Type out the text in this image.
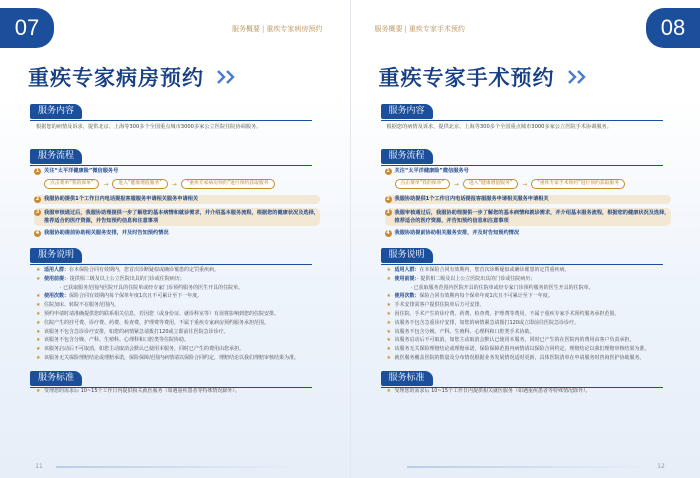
07	服务概要 | 重疾专家病房预约
重疾专家病房预约
服务内容
根据您的病情及诉求，提供北京、上海等300多个全国重点城市3000多家公立医院住院协调服务。
服务流程
1 关注“太平洋健康险”微信服务号
点击菜单“我的保单”	→	进入“健康增值服务”	→	“重疾专家病房预约”进行预约获取服务
2 我服协助提供1个工作日内电话提报客服服务申请相关服务申请相关
3 我服审核通过后，我服协助理提供一步了解您的基本病情和就诊需求，并介绍基本服务流程，根据您的健康状况及选择，推荐适合的医疗资源，并告知预约信息和注意事项
4 我服协助提前协助相关服务安排，并及时告知预约情况
服务说明
★ 适用人群：在本保险合同有效期内，您首次诊断疑似或确诊罹患的定罚重疾病。
★ 使用前提：· 提供相二级及以上公立医院出具的门诊或住院病历；
· 已获取服务范围内医院开具的住院单或经专家门诊预约服务的医生开具的住院单。
★ 使用次数：保险合同有效期内每个保单年度1次且不可累计至下一年度。
★ 住院加床、转院不在服务范围内。
★ 预约申请时请准确提供您的联系相关信息，若因您（或身份证、就诊科室等）有误将影响到您的住院安排。
★ 住院产生的挂号费、诊疗费、药费、检查费、护理费等费用，不属于重疾专家病房预约服务承担范围。
★ 该服务不包含急诊诊疗安排，如您的病情紧急请拨打120或立即前往医院急诊诊疗。
★ 该服务不包含分娩、产科、生殖科、心理科和口腔类等住院协助。
★ 该服务启动后不可取消，如您主动取消会默认已使用本服务，同时已产生的费用由您承担。
★ 该服务无关保险理赔结论或理赔承诺，保险保障范围内病情请以保险合同约定，理赔结论以我们理赔审核结果为准。
服务标准
★ 受理您的需求后 10~15个工作日内提供相关就医服务（如遇重疾患者等特殊情况除外）。
11
08
服务概要 | 重疾专家手术预约
重疾专家手术预约
服务内容
根据您的病情及诉求，提供北京、上海等300多个全国重点城市3000多家公立医院手术协调服务。
服务流程
1 关注“太平洋健康险”微信服务号
点击菜单“我的保单”	→	进入“健康增值服务”	→	“重疾专家手术预约”进行预约获取服务
2 我服协助提供1个工作日内电话提报客服服务申请相关服务申请相关
3 我服审核通过后，我服协助理提供一步了解您的基本病情和就诊需求，并介绍基本服务流程，根据您的健康状况及选择，推荐适合的医疗资源，并告知预约信息和注意事项
4 我服协助提前协助相关服务安排，并及时告知预约情况
服务说明
★ 适用人群：在本保险合同有效期内，您首次诊断疑似或确诊罹患的定罚重疾病。
★ 使用前提：· 提供相二级及以上公立医院出具的门诊或住院病历；
· 已获取服务范围内医院开具的住院单或经专家门诊预约服务的医生开具的住院单。
★ 使用次数：保险合同有效期内每个保单年度1次且不可累计至下一年度。
★ 手术安排需客户提供住院单后方可安排。
★ 因住院、手术产生的诊疗费、药费、检查费、护理费等费用，不属于重疾专家手术预约服务承担范围。
★ 该服务不包含急重诊疗安排，如您的病情紧急请拨打120或立即前往医院急诊诊疗。
★ 该服务不包含分娩、产科、生殖科、心理科和口腔类手术协助。
★ 该服务启动后不可取消，如您主动取消会默认已使用本服务，同时已产生的在医院内的费用由客户负责承担。
★ 该服务无关保险理赔结论或理赔承诺，保险保障范围内病情请以保险合同约定，理赔结论以我们理赔审核结果为准。
★ 就医服务覆盖医院的数量及分布情况根据业务发展情况适时更新，具体医院清单在申请服务时咨询医护协助服务。
服务标准
★ 受理您的需求后 10~15个工作日内提供相关就医服务（如遇重疾患者等特殊情况除外）。
12
